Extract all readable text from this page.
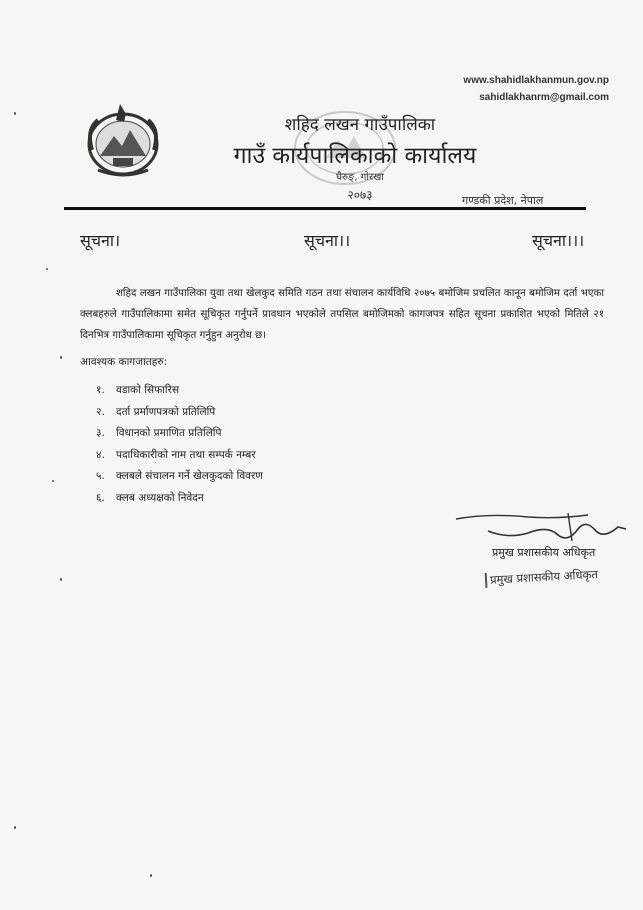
www.shahidlakhanmun.gov.np
sahidlakhanrm@gmail.com
शहिद लखन गाउँपालिका
गाउँ कार्यपालिकाको कार्यालय
घैरुङ्, गोरखा
२०७३	गण्डकी प्रदेश, नेपाल
सूचना।	सूचना।।	सूचना।।।
शहिद लखन गाउँपालिका युवा तथा खेलकुद समिति गठन तथा संचालन कार्यविधि २०७५ बमोजिम प्रचलित कानून बमोजिम दर्ता भएका क्लबहरुले गाउँपालिकामा समेत सूचिकृत गर्नुपर्ने प्रावधान भएकोले तपसिल बमोजिमको कागजपत्र सहित सूचना प्रकाशित भएको मितिले २१ दिनभित्र गाउँपालिकामा सूचिकृत गर्नुहुन अनुरोध छ।
आवश्यक कागजातहरु:
१. वडाको सिफारिस
२. दर्ता प्रर्माणपत्रको प्रतिलिपि
३. विधानको प्रमाणित प्रतिलिपि
४. पदाधिकारीको नाम तथा सम्पर्क नम्बर
५. क्लबले संचालन गर्ने खेलकुदको विवरण
६. क्लब अध्यक्षको निवेदन
प्रमुख प्रशासकीय अधिकृत
प्रमुख प्रशासकीय अधिकृत
